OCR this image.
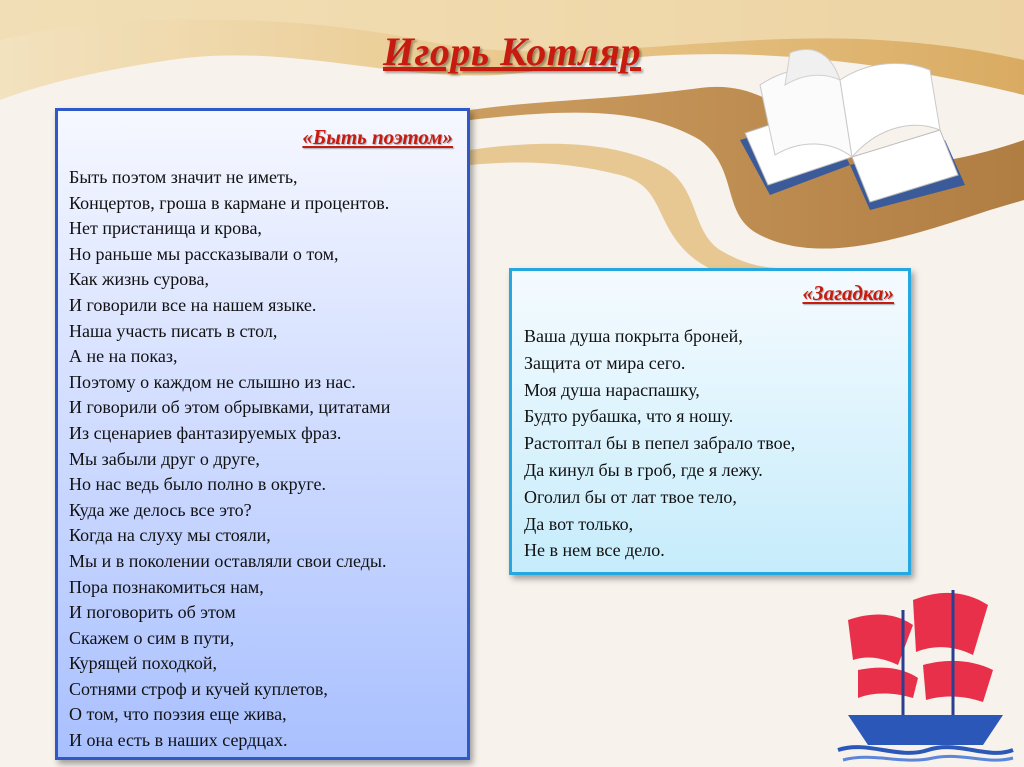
Игорь Котляр
«Быть поэтом»
Быть поэтом значит не иметь,
Концертов, гроша в кармане и процентов.
Нет пристанища и крова,
Но раньше мы рассказывали о том,
Как жизнь сурова,
И говорили все на нашем языке.
Наша участь писать в стол,
А не на показ,
Поэтому о каждом не слышно из нас.
И говорили об этом обрывками, цитатами
Из сценариев фантазируемых фраз.
Мы забыли друг о друге,
Но нас ведь было полно в округе.
Куда же делось все это?
Когда на слуху мы стояли,
Мы и в поколении оставляли свои следы.
Пора познакомиться нам,
И поговорить об этом
Скажем о сим в пути,
Курящей походкой,
Сотнями строф и кучей куплетов,
О том, что поэзия еще жива,
И она есть в наших сердцах.
«Загадка»
Ваша душа покрыта броней,
Защита от мира сего.
Моя душа нараспашку,
Будто рубашка, что я ношу.
Растоптал бы в пепел забрало твое,
Да кинул бы в гроб, где я лежу.
Оголил бы от лат твое тело,
Да вот только,
Не в нем все дело.
